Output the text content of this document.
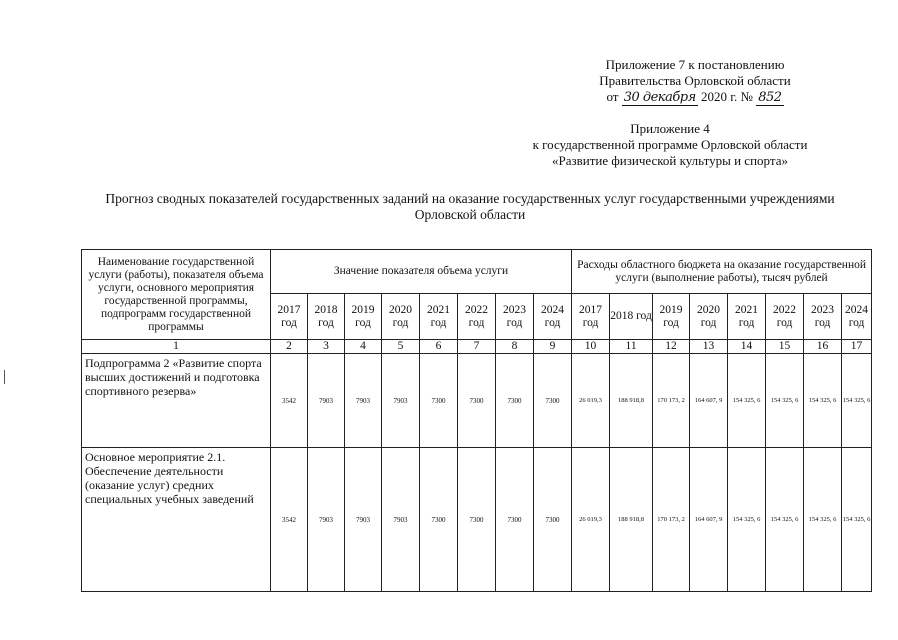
Приложение 7 к постановлению
Правительства Орловской области
от 30 декабря 2020 г. № 852
Приложение 4
к государственной программе Орловской области
«Развитие физической культуры и спорта»
Прогноз сводных показателей государственных заданий на оказание государственных услуг государственными учреждениями Орловской области
Наименование государственной услуги (работы), показателя объема услуги, основного мероприятия государственной программы, подпрограмм государственной программы	Значение показателя объема услуги								Расходы областного бюджета на оказание государственной услуги (выполнение работы), тысяч рублей							
	2017 год	2018 год	2019 год	2020 год	2021 год	2022 год	2023 год	2024 год	2017 год	2018 год	2019 год	2020 год	2021 год	2022 год	2023 год	2024 год
1	2	3	4	5	6	7	8	9	10	11	12	13	14	15	16	17
Подпрограмма 2 «Развитие спорта высших достижений и подготовка спортивного резерва»	3542	7903	7903	7903	7300	7300	7300	7300	26 019,3	188 918,8	170 173, 2	164 607, 9	154 325, 6	154 325, 6	154 325, 6	154 325, 6
Основное мероприятие 2.1. Обеспечение деятельности (оказание услуг) средних специальных учебных заведений	3542	7903	7903	7903	7300	7300	7300	7300	26 019,3	188 918,8	170 173, 2	164 607, 9	154 325, 6	154 325, 6	154 325, 6	154 325, 6
